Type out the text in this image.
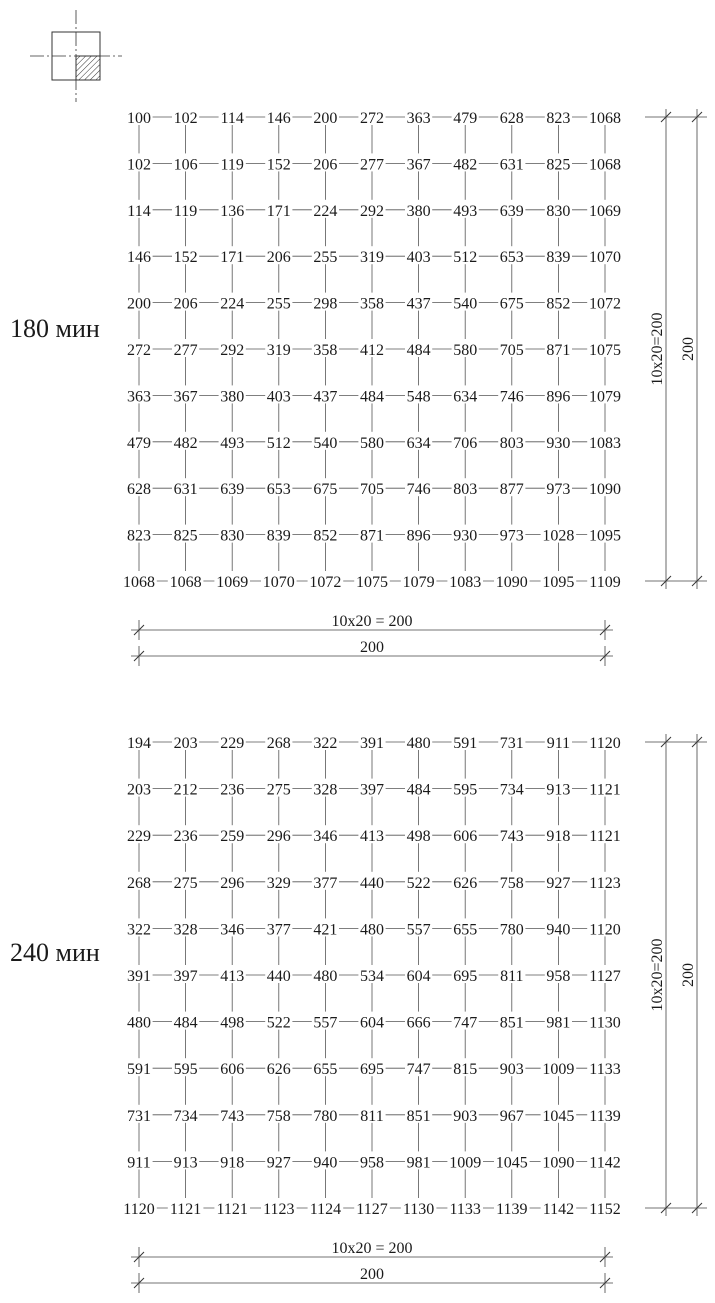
100 102 114 146 200 272 363 479 628 823 1068
102 106 119 152 206 277 367 482 631 825 1068
114 119 136 171 224 292 380 493 639 830 1069
146 152 171 206 255 319 403 512 653 839 1070
200 206 224 255 298 358 437 540 675 852 1072
272 277 292 319 358 412 484 580 705 871 1075
363 367 380 403 437 484 548 634 746 896 1079
479 482 493 512 540 580 634 706 803 930 1083
628 631 639 653 675 705 746 803 877 973 1090
823 825 830 839 852 871 896 930 973 1028 1095
1068 1068 1069 1070 1072 1075 1079 1083 1090 1095 1109
180 мин
10x20 = 200
200
10x20=200 200
194 203 229 268 322 391 480 591 731 911 1120
203 212 236 275 328 397 484 595 734 913 1121
229 236 259 296 346 413 498 606 743 918 1121
268 275 296 329 377 440 522 626 758 927 1123
322 328 346 377 421 480 557 655 780 940 1120
391 397 413 440 480 534 604 695 811 958 1127
480 484 498 522 557 604 666 747 851 981 1130
591 595 606 626 655 695 747 815 903 1009 1133
731 734 743 758 780 811 851 903 967 1045 1139
911 913 918 927 940 958 981 1009 1045 1090 1142
1120 1121 1121 1123 1124 1127 1130 1133 1139 1142 1152
240 мин
10x20 = 200
200
10x20=200 200
